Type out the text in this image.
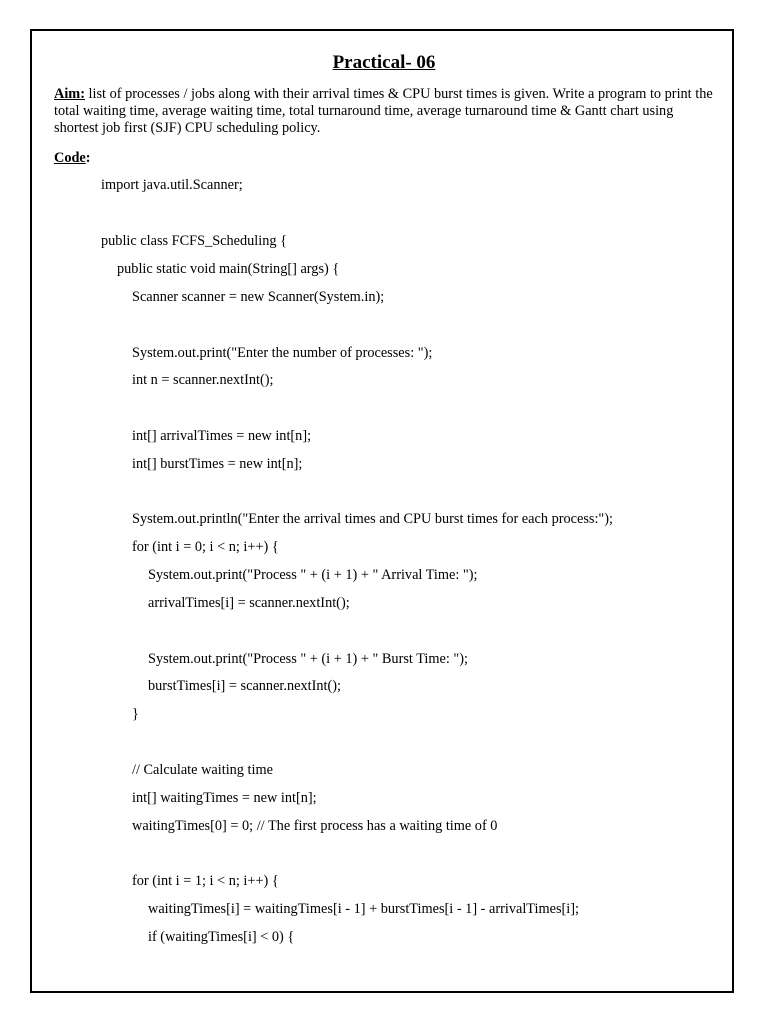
Practical- 06
Aim: list of processes / jobs along with their arrival times & CPU burst times is given. Write a program to print the total waiting time, average waiting time, total turnaround time, average turnaround time & Gantt chart using shortest job first (SJF) CPU scheduling policy.
Code:
import java.util.Scanner;
public class FCFS_Scheduling {
public static void main(String[] args) {
Scanner scanner = new Scanner(System.in);
System.out.print("Enter the number of processes: ");
int n = scanner.nextInt();
int[] arrivalTimes = new int[n];
int[] burstTimes = new int[n];
System.out.println("Enter the arrival times and CPU burst times for each process:");
for (int i = 0; i < n; i++) {
System.out.print("Process " + (i + 1) + " Arrival Time: ");
arrivalTimes[i] = scanner.nextInt();
System.out.print("Process " + (i + 1) + " Burst Time: ");
burstTimes[i] = scanner.nextInt();
}
// Calculate waiting time
int[] waitingTimes = new int[n];
waitingTimes[0] = 0; // The first process has a waiting time of 0
for (int i = 1; i < n; i++) {
waitingTimes[i] = waitingTimes[i - 1] + burstTimes[i - 1] - arrivalTimes[i];
if (waitingTimes[i] < 0) {
